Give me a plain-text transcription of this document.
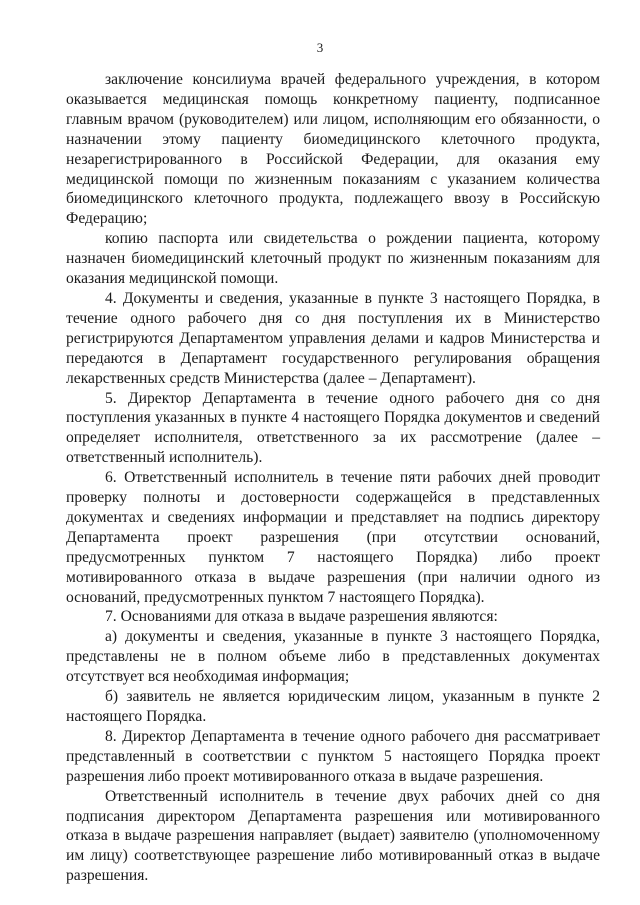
3

заключение консилиума врачей федерального учреждения, в котором оказывается медицинская помощь конкретному пациенту, подписанное главным врачом (руководителем) или лицом, исполняющим его обязанности, о назначении этому пациенту биомедицинского клеточного продукта, незарегистрированного в Российской Федерации, для оказания ему медицинской помощи по жизненным показаниям с указанием количества биомедицинского клеточного продукта, подлежащего ввозу в Российскую Федерацию;

копию паспорта или свидетельства о рождении пациента, которому назначен биомедицинский клеточный продукт по жизненным показаниям для оказания медицинской помощи.

4. Документы и сведения, указанные в пункте 3 настоящего Порядка, в течение одного рабочего дня со дня поступления их в Министерство регистрируются Департаментом управления делами и кадров Министерства и передаются в Департамент государственного регулирования обращения лекарственных средств Министерства (далее – Департамент).

5. Директор Департамента в течение одного рабочего дня со дня поступления указанных в пункте 4 настоящего Порядка документов и сведений определяет исполнителя, ответственного за их рассмотрение (далее – ответственный исполнитель).

6. Ответственный исполнитель в течение пяти рабочих дней проводит проверку полноты и достоверности содержащейся в представленных документах и сведениях информации и представляет на подпись директору Департамента проект разрешения (при отсутствии оснований, предусмотренных пунктом 7 настоящего Порядка) либо проект мотивированного отказа в выдаче разрешения (при наличии одного из оснований, предусмотренных пунктом 7 настоящего Порядка).

7. Основаниями для отказа в выдаче разрешения являются:

а) документы и сведения, указанные в пункте 3 настоящего Порядка, представлены не в полном объеме либо в представленных документах отсутствует вся необходимая информация;

б) заявитель не является юридическим лицом, указанным в пункте 2 настоящего Порядка.

8. Директор Департамента в течение одного рабочего дня рассматривает представленный в соответствии с пунктом 5 настоящего Порядка проект разрешения либо проект мотивированного отказа в выдаче разрешения.

Ответственный исполнитель в течение двух рабочих дней со дня подписания директором Департамента разрешения или мотивированного отказа в выдаче разрешения направляет (выдает) заявителю (уполномоченному им лицу) соответствующее разрешение либо мотивированный отказ в выдаче разрешения.
